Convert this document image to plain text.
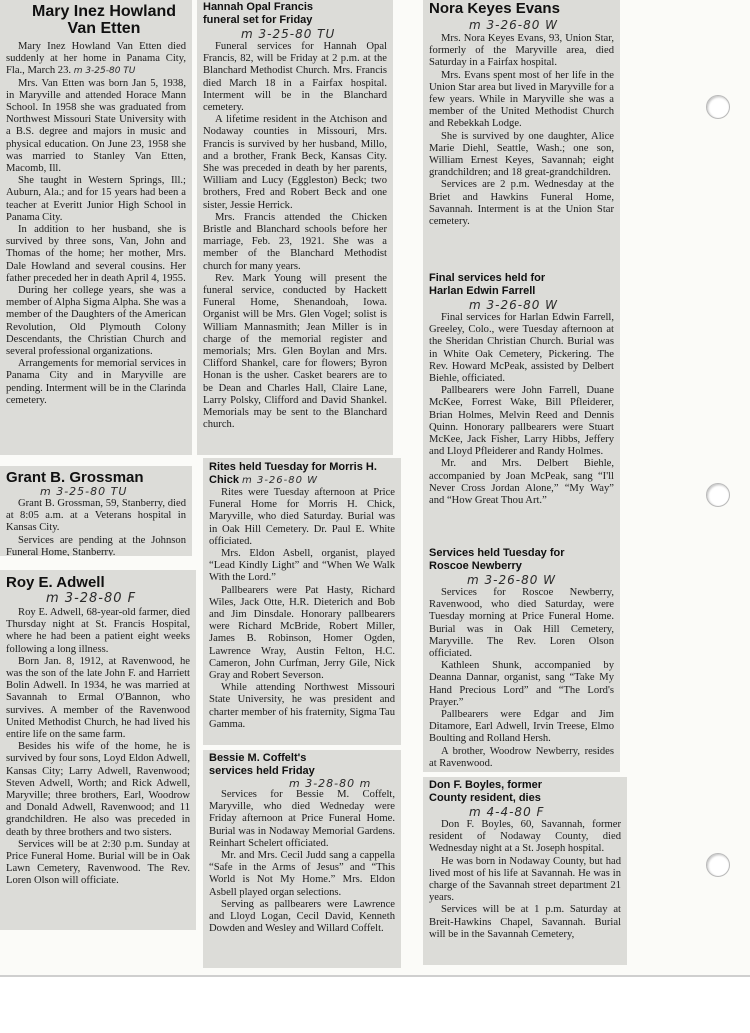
Mary Inez Howland Van Etten

Mary Inez Howland Van Etten died suddenly at her home in Panama City, Fla., March 23. m 3-25-80 TU

Mrs. Van Etten was born Jan 5, 1938, in Maryville and attended Horace Mann School. In 1958 she was graduated from Northwest Missouri State University with a B.S. degree and majors in music and physical education. On June 23, 1958 she was married to Stanley Van Etten, Macomb, Ill.

She taught in Western Springs, Ill.; Auburn, Ala.; and for 15 years had been a teacher at Everitt Junior High School in Panama City.

In addition to her husband, she is survived by three sons, Van, John and Thomas of the home; her mother, Mrs. Dale Howland and several cousins. Her father preceded her in death April 4, 1955.

During her college years, she was a member of Alpha Sigma Alpha. She was a member of the Daughters of the American Revolution, Old Plymouth Colony Descendants, the Christian Church and several professional organizations.

Arrangements for memorial services in Panama City and in Maryville are pending. Interment will be in the Clarinda cemetery.

Grant B. Grossman
m 3-25-80 TU

Grant B. Grossman, 59, Stanberry, died at 8:05 a.m. at a Veterans hospital in Kansas City.

Services are pending at the Johnson Funeral Home, Stanberry.

Roy E. Adwell
m 3-28-80 F

Roy E. Adwell, 68-year-old farmer, died Thursday night at St. Francis Hospital, where he had been a patient eight weeks following a long illness.

Born Jan. 8, 1912, at Ravenwood, he was the son of the late John F. and Harriett Bolin Adwell. In 1934, he was married at Savannah to Ermal O'Bannon, who survives. A member of the Ravenwood United Methodist Church, he had lived his entire life on the same farm.

Besides his wife of the home, he is survived by four sons, Loyd Eldon Adwell, Kansas City; Larry Adwell, Ravenwood; Steven Adwell, Worth; and Rick Adwell, Maryville; three brothers, Earl, Woodrow and Donald Adwell, Ravenwood; and 11 grandchildren. He also was preceded in death by three brothers and two sisters.

Services will be at 2:30 p.m. Sunday at Price Funeral Home. Burial will be in Oak Lawn Cemetery, Ravenwood. The Rev. Loren Olson will officiate.

Hannah Opal Francis funeral set for Friday
m 3-25-80 TU

Funeral services for Hannah Opal Francis, 82, will be Friday at 2 p.m. at the Blanchard Methodist Church. Mrs. Francis died March 18 in a Fairfax hospital. Interment will be in the Blanchard cemetery.

A lifetime resident in the Atchison and Nodaway counties in Missouri, Mrs. Francis is survived by her husband, Millo, and a brother, Frank Beck, Kansas City. She was preceded in death by her parents, William and Lucy (Eggleston) Beck; two brothers, Fred and Robert Beck and one sister, Jessie Herrick.

Mrs. Francis attended the Chicken Bristle and Blanchard schools before her marriage, Feb. 23, 1921. She was a member of the Blanchard Methodist church for many years.

Rev. Mark Young will present the funeral service, conducted by Hackett Funeral Home, Shenandoah, Iowa. Organist will be Mrs. Glen Vogel; solist is William Mannasmith; Jean Miller is in charge of the memorial register and memorials; Mrs. Glen Boylan and Mrs. Clifford Shankel, care for flowers; Byron Honan is the usher. Casket bearers are to be Dean and Charles Hall, Claire Lane, Larry Polsky, Clifford and David Shankel. Memorials may be sent to the Blanchard church.

Rites held Tuesday for Morris H. Chick m 3-26-80 W

Rites were Tuesday afternoon at Price Funeral Home for Morris H. Chick, Maryville, who died Saturday. Burial was in Oak Hill Cemetery. Dr. Paul E. White officiated.

Mrs. Eldon Asbell, organist, played “Lead Kindly Light” and “When We Walk With the Lord.”

Pallbearers were Pat Hasty, Richard Wiles, Jack Otte, H.R. Dieterich and Bob and Jim Dinsdale. Honorary pallbearers were Richard McBride, Robert Miller, James B. Robinson, Homer Ogden, Lawrence Wray, Austin Felton, H.C. Cameron, John Curfman, Jerry Gile, Nick Gray and Robert Severson.

While attending Northwest Missouri State University, he was president and charter member of his fraternity, Sigma Tau Gamma.

Bessie M. Coffelt's services held Friday
m 3-28-80 m

Services for Bessie M. Coffelt, Maryville, who died Wedneday were Friday afternoon at Price Funeral Home. Burial was in Nodaway Memorial Gardens. Reinhart Schelert officiated.

Mr. and Mrs. Cecil Judd sang a cappella “Safe in the Arms of Jesus” and “This World is Not My Home.” Mrs. Eldon Asbell played organ selections.

Serving as pallbearers were Lawrence and Lloyd Logan, Cecil David, Kenneth Dowden and Wesley and Willard Coffelt.

Nora Keyes Evans
m 3-26-80 W

Mrs. Nora Keyes Evans, 93, Union Star, formerly of the Maryville area, died Saturday in a Fairfax hospital.

Mrs. Evans spent most of her life in the Union Star area but lived in Maryville for a few years. While in Maryville she was a member of the United Methodist Church and Rebekkah Lodge.

She is survived by one daughter, Alice Marie Diehl, Seattle, Wash.; one son, William Ernest Keyes, Savannah; eight grandchildren; and 18 great-grandchildren.

Services are 2 p.m. Wednesday at the Briet and Hawkins Funeral Home, Savannah. Interment is at the Union Star cemetery.

Final services held for Harlan Edwin Farrell
m 3-26-80 W

Final services for Harlan Edwin Farrell, Greeley, Colo., were Tuesday afternoon at the Sheridan Christian Church. Burial was in White Oak Cemetery, Pickering. The Rev. Howard McPeak, assisted by Delbert Biehle, officiated.

Pallbearers were John Farrell, Duane McKee, Forrest Wake, Bill Pfleiderer, Brian Holmes, Melvin Reed and Dennis Quinn. Honorary pallbearers were Stuart McKee, Jack Fisher, Larry Hibbs, Jeffery and Lloyd Pfleiderer and Randy Holmes.

Mr. and Mrs. Delbert Biehle, accompanied by Joan McPeak, sang “I'll Never Cross Jordan Alone,” “My Way” and “How Great Thou Art.”

Services held Tuesday for Roscoe Newberry
m 3-26-80 W

Services for Roscoe Newberry, Ravenwood, who died Saturday, were Tuesday morning at Price Funeral Home. Burial was in Oak Hill Cemetery, Maryville. The Rev. Loren Olson officiated.

Kathleen Shunk, accompanied by Deanna Dannar, organist, sang “Take My Hand Precious Lord” and “The Lord's Prayer.”

Pallbearers were Edgar and Jim Ditamore, Earl Adwell, Irvin Treese, Elmo Boulting and Rolland Hersh.

A brother, Woodrow Newberry, resides at Ravenwood.

Don F. Boyles, former County resident, dies
m 4-4-80 F

Don F. Boyles, 60, Savannah, former resident of Nodaway County, died Wednesday night at a St. Joseph hospital.

He was born in Nodaway County, but had lived most of his life at Savannah. He was in charge of the Savannah street department 21 years.

Services will be at 1 p.m. Saturday at Breit-Hawkins Chapel, Savannah. Burial will be in the Savannah Cemetery,
